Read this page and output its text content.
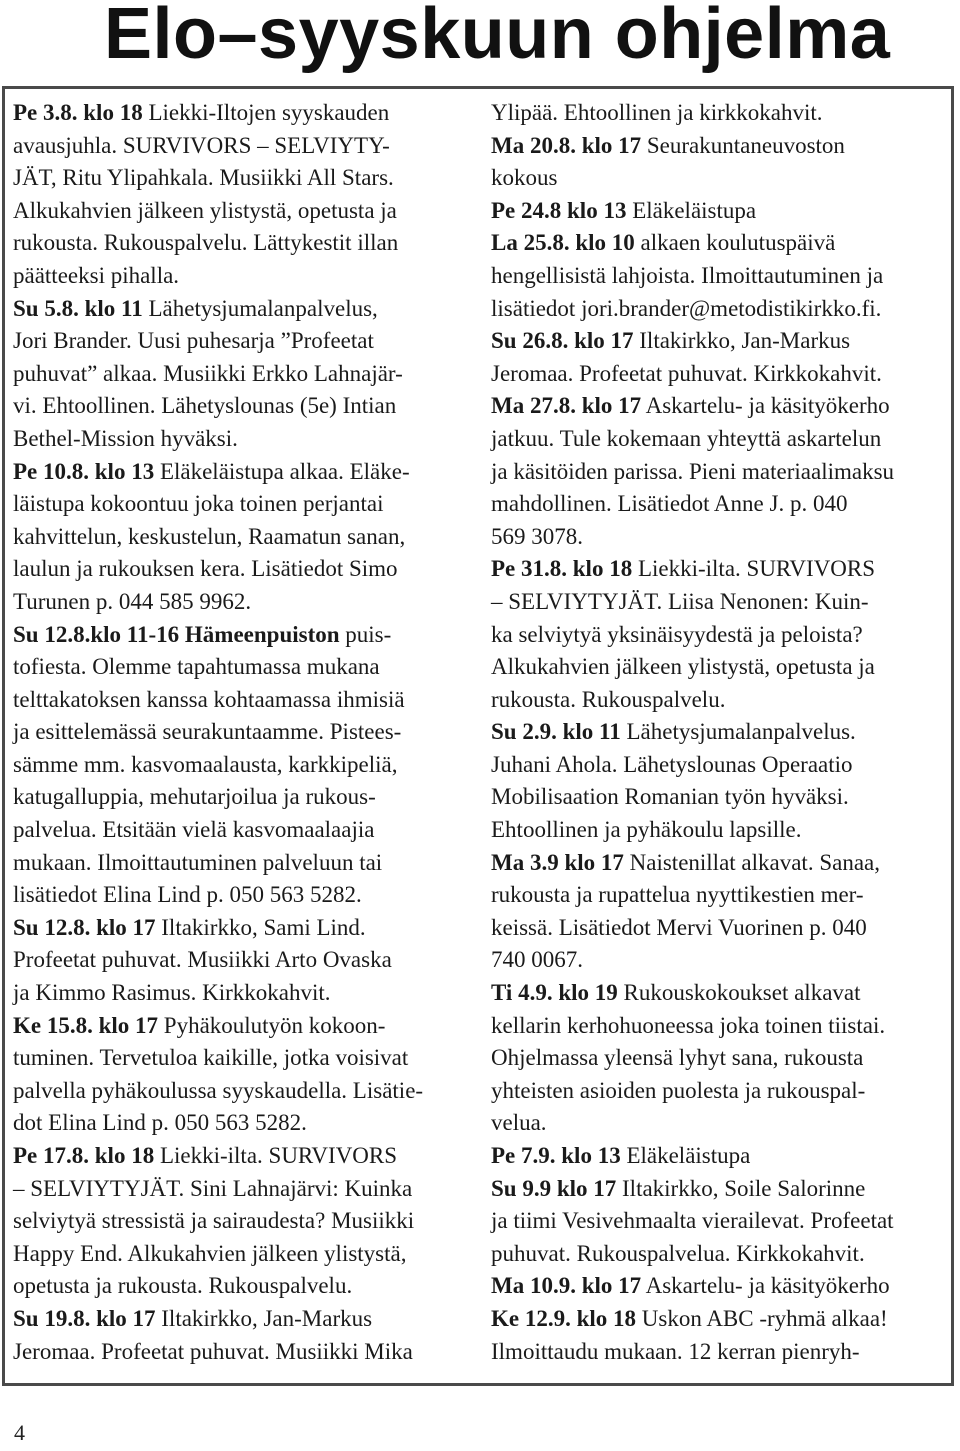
Elo–syyskuun ohjelma
Pe 3.8. klo 18 Liekki-Iltojen syyskauden
avausjuhla. SURVIVORS – SELVIYTY-
JÄT, Ritu Ylipahkala. Musiikki All Stars.
Alkukahvien jälkeen ylistystä, opetusta ja
rukousta. Rukouspalvelu. Lättykestit illan
päätteeksi pihalla.
Su 5.8. klo 11 Lähetysjumalanpalvelus,
Jori Brander. Uusi puhesarja ”Profeetat
puhuvat” alkaa. Musiikki Erkko Lahnajär-
vi. Ehtoollinen. Lähetyslounas (5e) Intian
Bethel-Mission hyväksi.
Pe 10.8. klo 13 Eläkeläistupa alkaa. Eläke-
läistupa kokoontuu joka toinen perjantai
kahvittelun, keskustelun, Raamatun sanan,
laulun ja rukouksen kera. Lisätiedot Simo
Turunen p. 044 585 9962.
Su 12.8.klo 11-16 Hämeenpuiston puis-
tofiesta. Olemme tapahtumassa mukana
telttakatoksen kanssa kohtaamassa ihmisiä
ja esittelemässä seurakuntaamme. Pistees-
sämme mm. kasvomaalausta, karkkipeliä,
katugalluppia, mehutarjoilua ja rukous-
palvelua. Etsitään vielä kasvomaalaajia
mukaan. Ilmoittautuminen palveluun tai
lisätiedot Elina Lind p. 050 563 5282.
Su 12.8. klo 17 Iltakirkko, Sami Lind.
Profeetat puhuvat. Musiikki Arto Ovaska
ja Kimmo Rasimus. Kirkkokahvit.
Ke 15.8. klo 17 Pyhäkoulutyön kokoon-
tuminen. Tervetuloa kaikille, jotka voisivat
palvella pyhäkoulussa syyskaudella. Lisätie-
dot Elina Lind p. 050 563 5282.
Pe 17.8. klo 18 Liekki-ilta. SURVIVORS
– SELVIYTYJÄT. Sini Lahnajärvi: Kuinka
selviytyä stressistä ja sairaudesta? Musiikki
Happy End. Alkukahvien jälkeen ylistystä,
opetusta ja rukousta. Rukouspalvelu.
Su 19.8. klo 17 Iltakirkko, Jan-Markus
Jeromaa. Profeetat puhuvat. Musiikki Mika
Ylipää. Ehtoollinen ja kirkkokahvit.
Ma 20.8. klo 17 Seurakuntaneuvoston
kokous
Pe 24.8 klo 13 Eläkeläistupa
La 25.8. klo 10 alkaen koulutuspäivä
hengellisistä lahjoista. Ilmoittautuminen ja
lisätiedot jori.brander@metodistikirkko.fi.
Su 26.8. klo 17 Iltakirkko, Jan-Markus
Jeromaa. Profeetat puhuvat. Kirkkokahvit.
Ma 27.8. klo 17 Askartelu- ja käsityökerho
jatkuu. Tule kokemaan yhteyttä askartelun
ja käsitöiden parissa. Pieni materiaalimaksu
mahdollinen. Lisätiedot Anne J. p. 040
569 3078.
Pe 31.8. klo 18 Liekki-ilta. SURVIVORS
– SELVIYTYJÄT. Liisa Nenonen: Kuin-
ka selviytyä yksinäisyydestä ja peloista?
Alkukahvien jälkeen ylistystä, opetusta ja
rukousta. Rukouspalvelu.
Su 2.9. klo 11 Lähetysjumalanpalvelus.
Juhani Ahola. Lähetyslounas Operaatio
Mobilisaation Romanian työn hyväksi.
Ehtoollinen ja pyhäkoulu lapsille.
Ma 3.9 klo 17 Naistenillat alkavat. Sanaa,
rukousta ja rupattelua nyyttikestien mer-
keissä. Lisätiedot Mervi Vuorinen p. 040
740 0067.
Ti 4.9. klo 19 Rukouskokoukset alkavat
kellarin kerhohuoneessa joka toinen tiistai.
Ohjelmassa yleensä lyhyt sana, rukousta
yhteisten asioiden puolesta ja rukouspal-
velua.
Pe 7.9. klo 13 Eläkeläistupa
Su 9.9 klo 17 Iltakirkko, Soile Salorinne
ja tiimi Vesivehmaalta vierailevat. Profeetat
puhuvat. Rukouspalvelua. Kirkkokahvit.
Ma 10.9. klo 17 Askartelu- ja käsityökerho
Ke 12.9. klo 18 Uskon ABC -ryhmä alkaa!
Ilmoittaudu mukaan. 12 kerran pienryh-
4
